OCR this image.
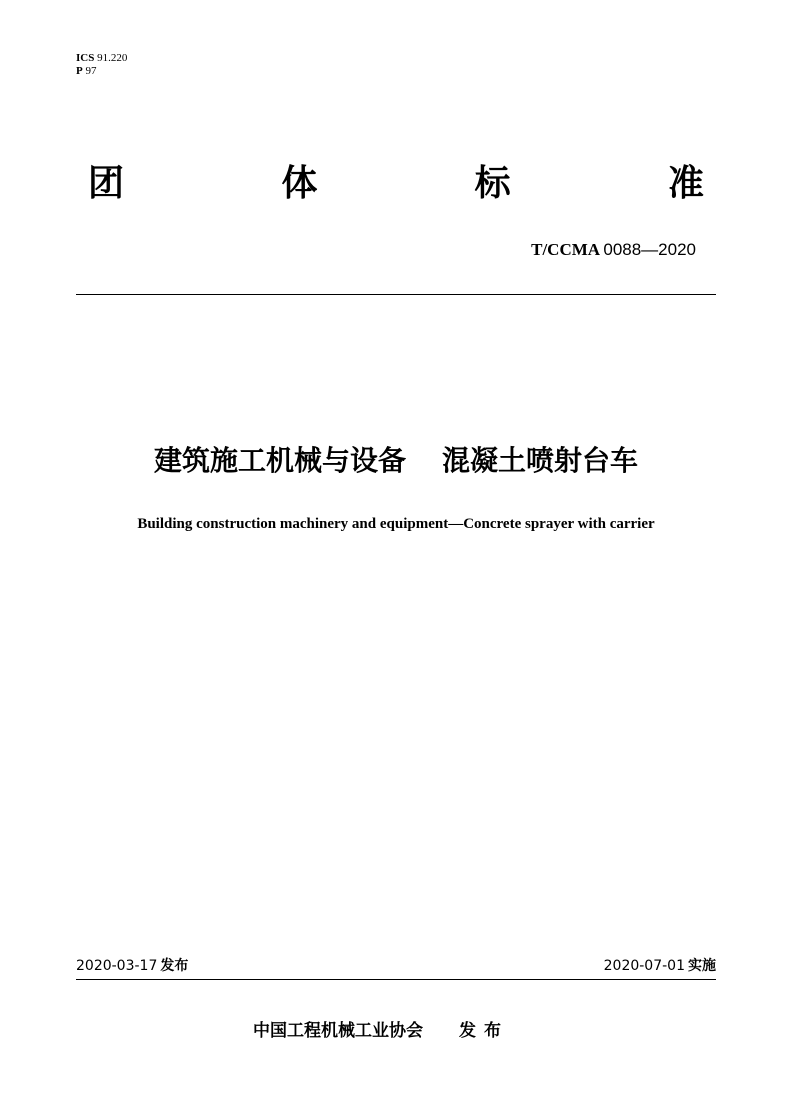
ICS 91.220
P 97
团	体	标	准
T/CCMA 0088—2020
建筑施工机械与设备 混凝土喷射台车
Building construction machinery and equipment—Concrete sprayer with carrier
2020-03-17 发布	2020-07-01 实施
中国工程机械工业协会 发布
